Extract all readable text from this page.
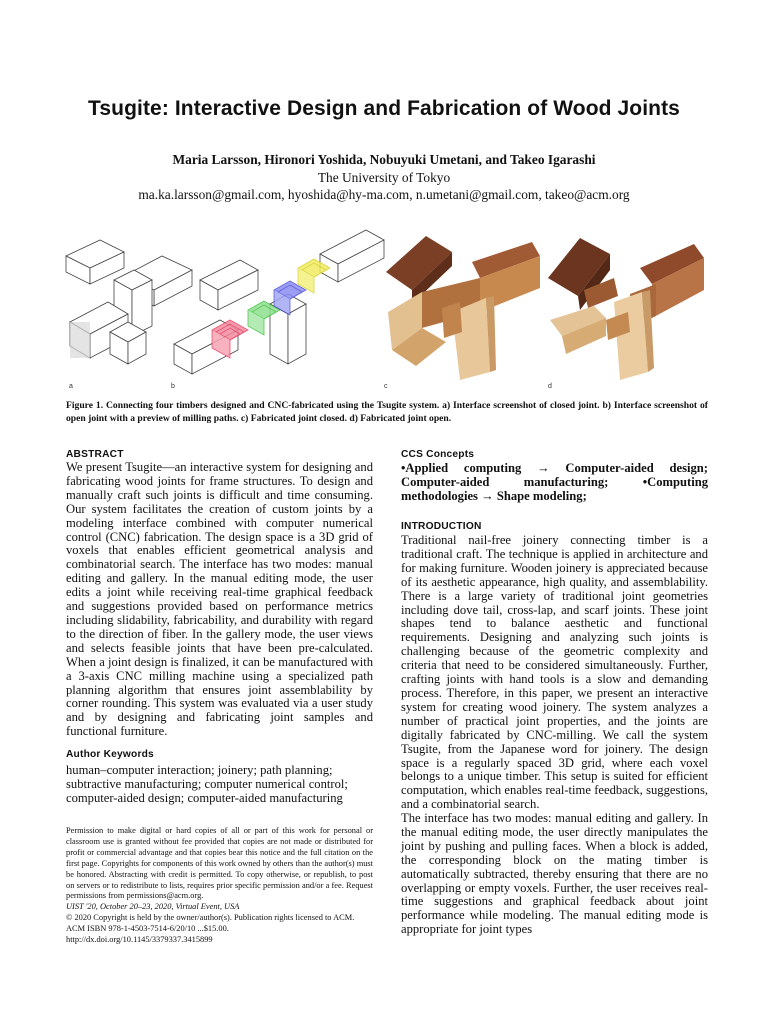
Tsugite: Interactive Design and Fabrication of Wood Joints
Maria Larsson, Hironori Yoshida, Nobuyuki Umetani, and Takeo Igarashi
The University of Tokyo
ma.ka.larsson@gmail.com, hyoshida@hy-ma.com, n.umetani@gmail.com, takeo@acm.org
a	b	c	d
Figure 1. Connecting four timbers designed and CNC-fabricated using the Tsugite system. a) Interface screenshot of closed joint. b) Interface screenshot of open joint with a preview of milling paths. c) Fabricated joint closed. d) Fabricated joint open.
ABSTRACT
We present Tsugite—an interactive system for designing and fabricating wood joints for frame structures. To design and manually craft such joints is difficult and time consuming. Our system facilitates the creation of custom joints by a modeling interface combined with computer numerical control (CNC) fabrication. The design space is a 3D grid of voxels that enables efficient geometrical analysis and combinatorial search. The interface has two modes: manual editing and gallery. In the manual editing mode, the user edits a joint while receiving real-time graphical feedback and suggestions provided based on performance metrics including slidability, fabricability, and durability with regard to the direction of fiber. In the gallery mode, the user views and selects feasible joints that have been pre-calculated. When a joint design is finalized, it can be manufactured with a 3-axis CNC milling machine using a specialized path planning algorithm that ensures joint assemblability by corner rounding. This system was evaluated via a user study and by designing and fabricating joint samples and functional furniture.
Author Keywords
human–computer interaction; joinery; path planning; subtractive manufacturing; computer numerical control; computer-aided design; computer-aided manufacturing
Permission to make digital or hard copies of all or part of this work for personal or classroom use is granted without fee provided that copies are not made or distributed for profit or commercial advantage and that copies bear this notice and the full citation on the first page. Copyrights for components of this work owned by others than the author(s) must be honored. Abstracting with credit is permitted. To copy otherwise, or republish, to post on servers or to redistribute to lists, requires prior specific permission and/or a fee. Request permissions from permissions@acm.org.
UIST '20, October 20–23, 2020, Virtual Event, USA
© 2020 Copyright is held by the owner/author(s). Publication rights licensed to ACM.
ACM ISBN 978-1-4503-7514-6/20/10 ...$15.00.
http://dx.doi.org/10.1145/3379337.3415899
CCS Concepts
•Applied computing → Computer-aided design; Computer-aided manufacturing; •Computing methodologies → Shape modeling;
INTRODUCTION
Traditional nail-free joinery connecting timber is a traditional craft. The technique is applied in architecture and for making furniture. Wooden joinery is appreciated because of its aesthetic appearance, high quality, and assemblability. There is a large variety of traditional joint geometries including dove tail, cross-lap, and scarf joints. These joint shapes tend to balance aesthetic and functional requirements. Designing and analyzing such joints is challenging because of the geometric complexity and criteria that need to be considered simultaneously. Further, crafting joints with hand tools is a slow and demanding process. Therefore, in this paper, we present an interactive system for creating wood joinery. The system analyzes a number of practical joint properties, and the joints are digitally fabricated by CNC-milling. We call the system Tsugite, from the Japanese word for joinery. The design space is a regularly spaced 3D grid, where each voxel belongs to a unique timber. This setup is suited for efficient computation, which enables real-time feedback, suggestions, and a combinatorial search.
The interface has two modes: manual editing and gallery. In the manual editing mode, the user directly manipulates the joint by pushing and pulling faces. When a block is added, the corresponding block on the mating timber is automatically subtracted, thereby ensuring that there are no overlapping or empty voxels. Further, the user receives real-time suggestions and graphical feedback about joint performance while modeling. The manual editing mode is appropriate for joint types
